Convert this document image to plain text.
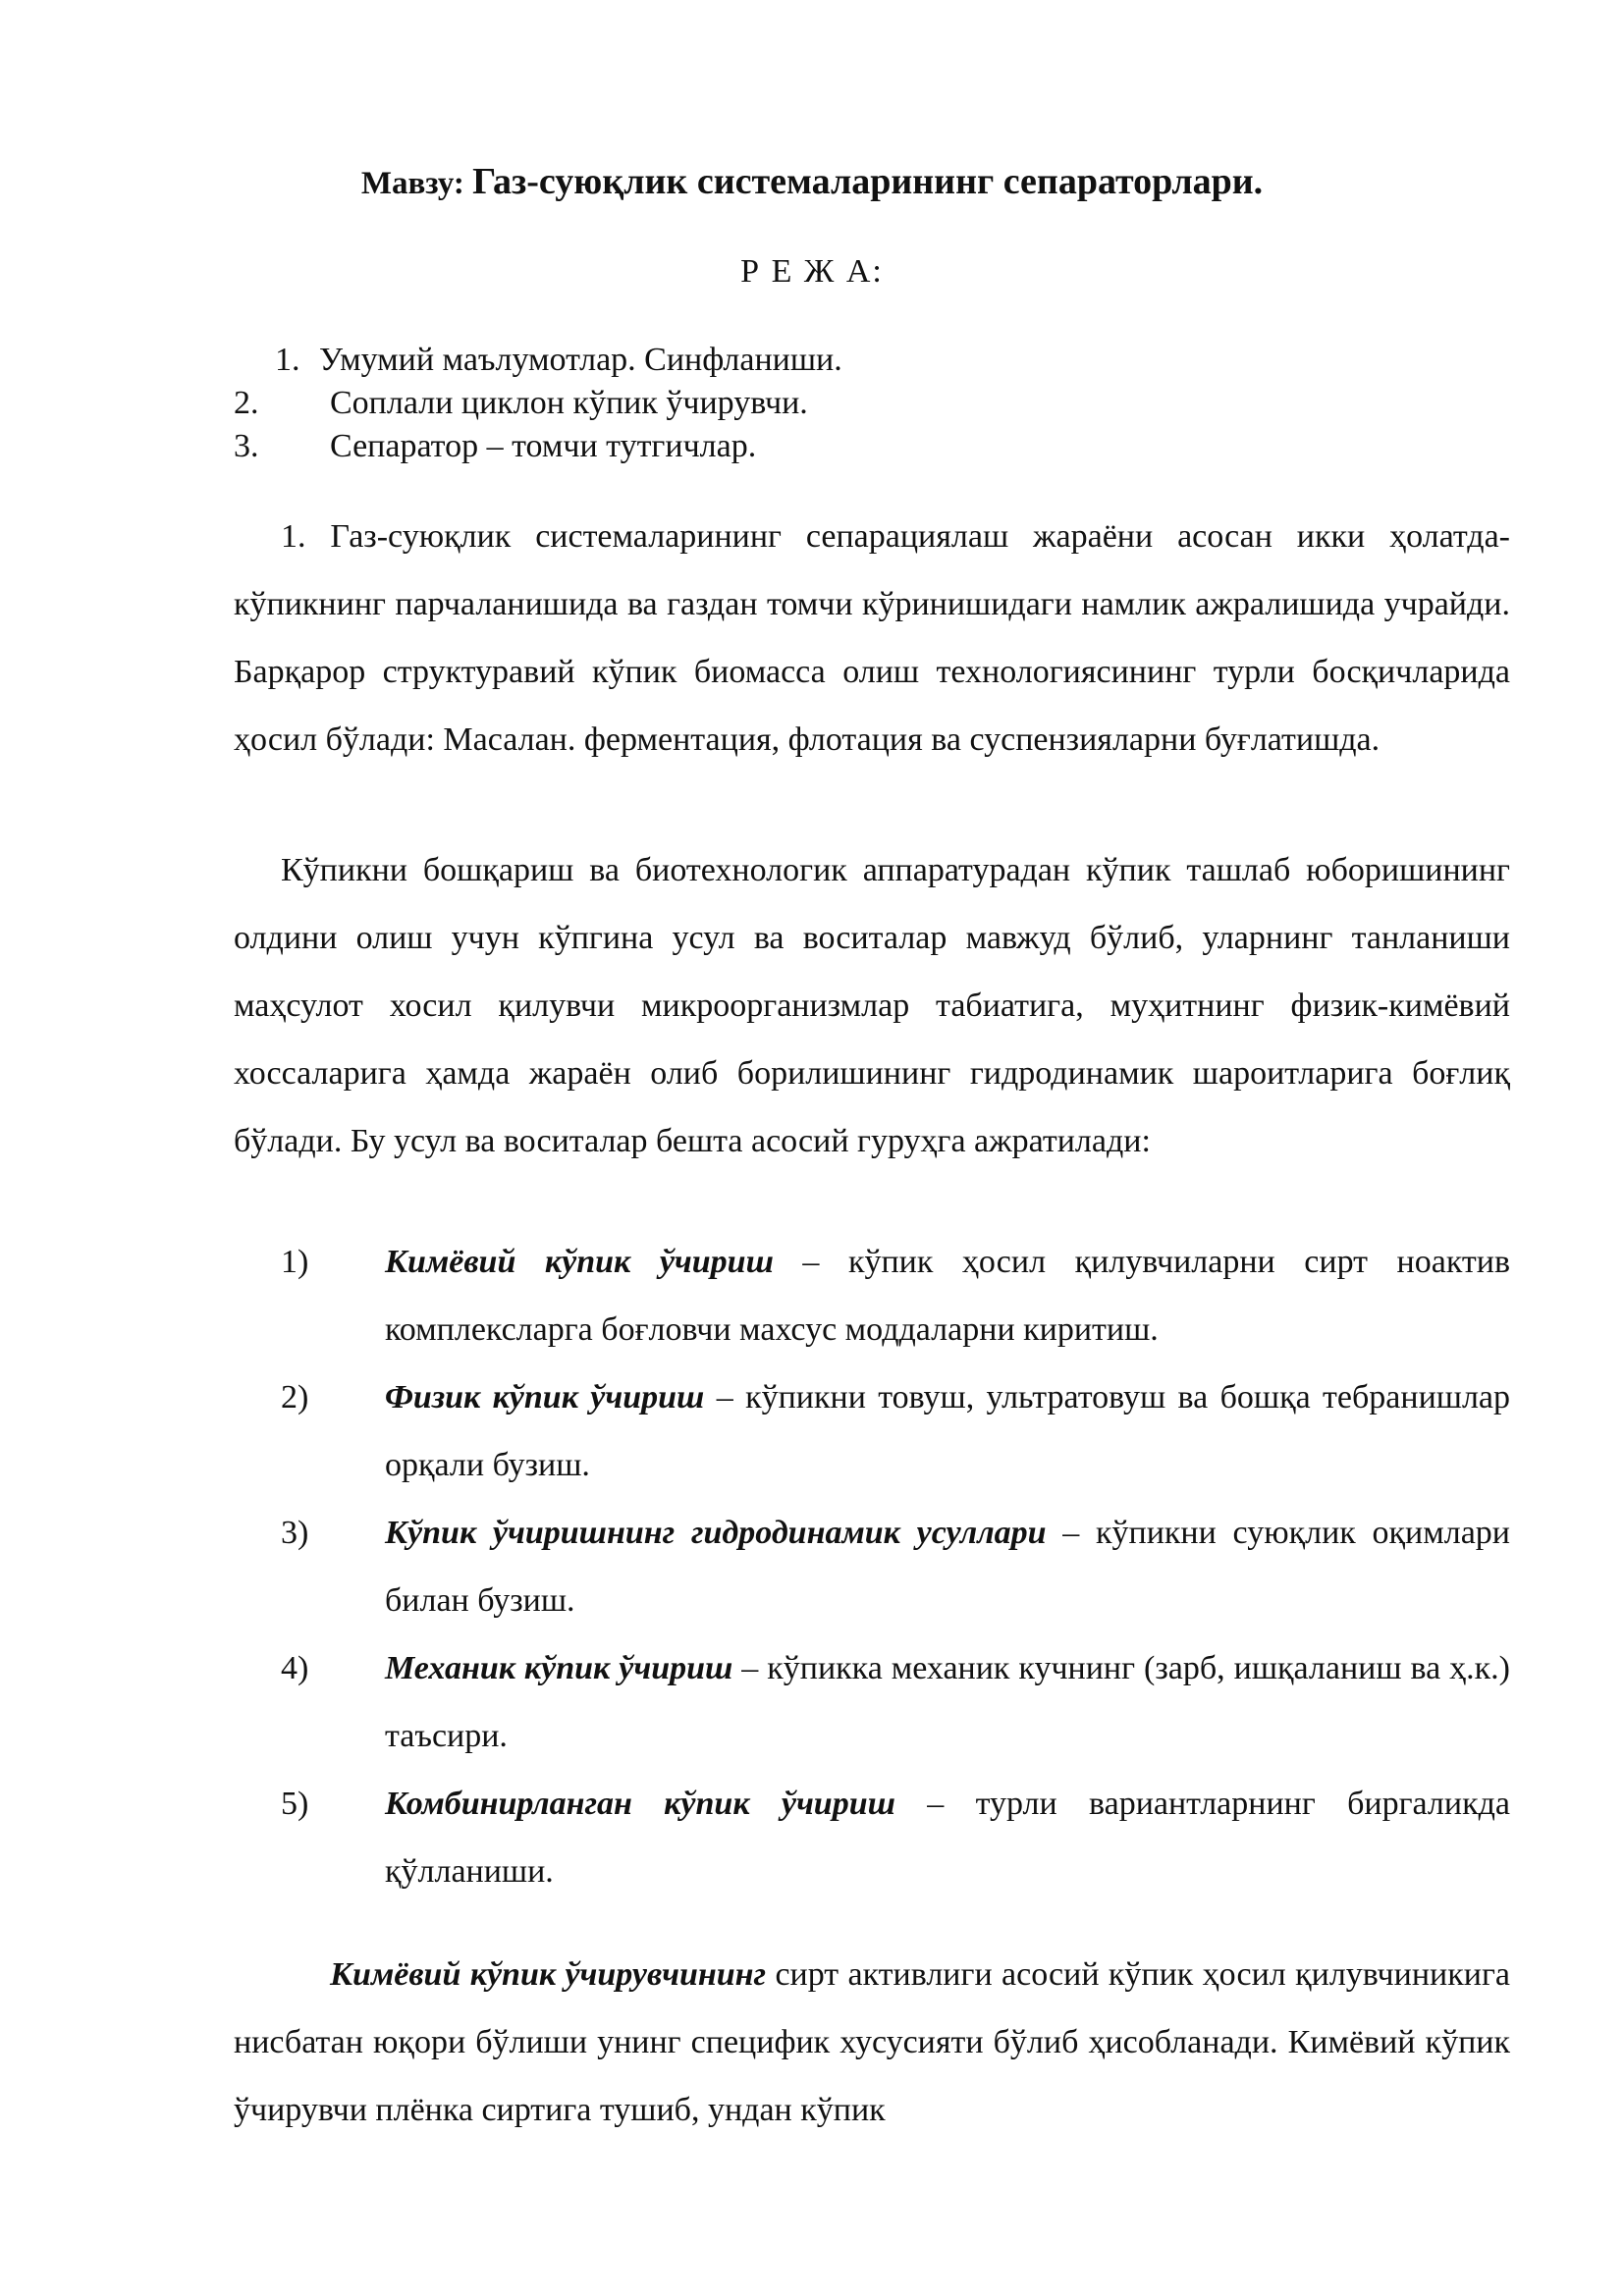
Мавзу: Газ-суюқлик системаларининг сепараторлари.
Р Е Ж А:
1. Умумий маълумотлар. Синфланиши.
2. Соплали циклон кўпик ўчирувчи.
3. Сепаратор – томчи тутгичлар.

1. Газ-суюқлик системаларининг сепарациялаш жараёни асосан икки ҳолатда- кўпикнинг парчаланишида ва газдан томчи кўринишидаги намлик ажралишида учрайди. Барқарор структуравий кўпик биомасса олиш технологиясининг турли босқичларида ҳосил бўлади: Масалан. ферментация, флотация ва суспензияларни буғлатишда.

Кўпикни бошқариш ва биотехнологик аппаратурадан кўпик ташлаб юборишининг олдини олиш учун кўпгина усул ва воситалар мавжуд бўлиб, уларнинг танланиши маҳсулот хосил қилувчи микроорганизмлар табиатига, муҳитнинг физик-кимёвий хоссаларига ҳамда жараён олиб борилишининг гидродинамик шароитларига боғлиқ бўлади. Бу усул ва воситалар бешта асосий гуруҳга ажратилади:

1) Кимёвий кўпик ўчириш – кўпик ҳосил қилувчиларни сирт ноактив комплексларга боғловчи махсус моддаларни киритиш.
2) Физик кўпик ўчириш – кўпикни товуш, ультратовуш ва бошқа тебранишлар орқали бузиш.
3) Кўпик ўчиришнинг гидродинамик усуллари – кўпикни суюқлик оқимлари билан бузиш.
4) Механик кўпик ўчириш – кўпикка механик кучнинг (зарб, ишқаланиш ва ҳ.к.) таъсири.
5) Комбинирланган кўпик ўчириш – турли вариантларнинг биргаликда қўлланиши.

Кимёвий кўпик ўчирувчининг сирт активлиги асосий кўпик ҳосил қилувчиникига нисбатан юқори бўлиши унинг специфик хусусияти бўлиб ҳисобланади. Кимёвий кўпик ўчирувчи плёнка сиртига тушиб, ундан кўпик
